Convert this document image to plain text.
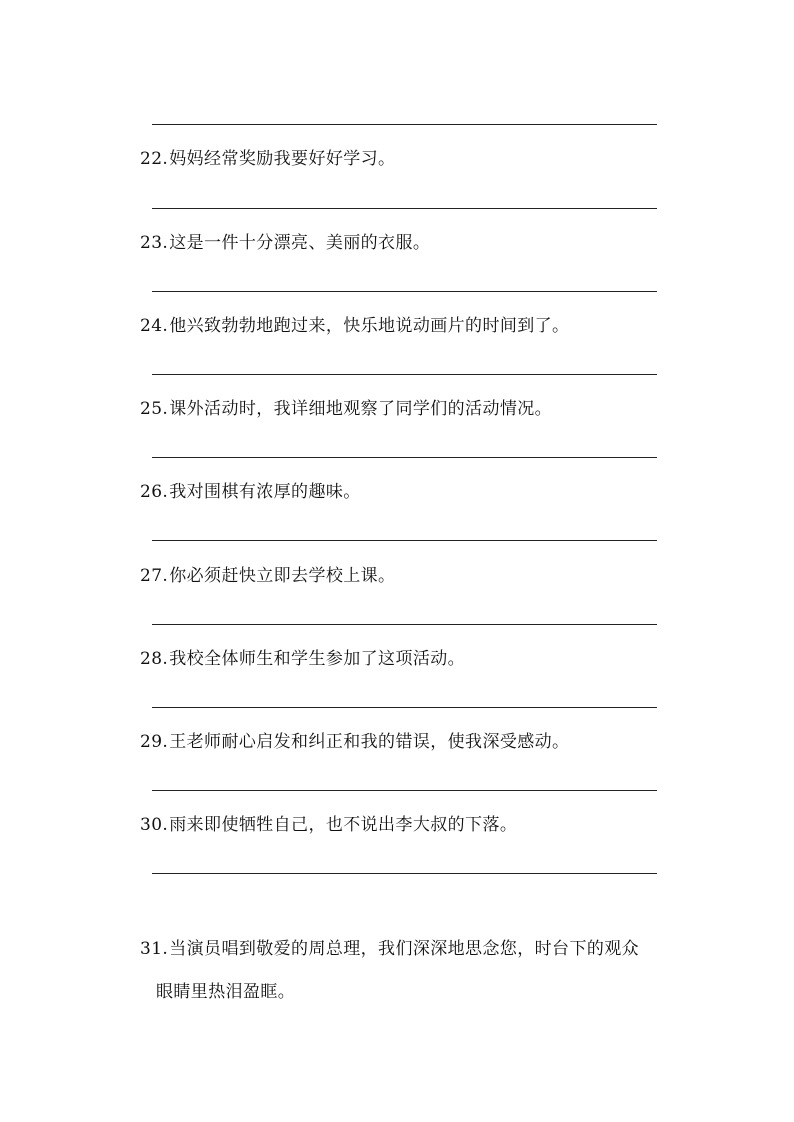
22.妈妈经常奖励我要好好学习。
23.这是一件十分漂亮、美丽的衣服。
24.他兴致勃勃地跑过来，快乐地说动画片的时间到了。
25.课外活动时，我详细地观察了同学们的活动情况。
26.我对围棋有浓厚的趣味。
27.你必须赶快立即去学校上课。
28.我校全体师生和学生参加了这项活动。
29.王老师耐心启发和纠正和我的错误，使我深受感动。
30.雨来即使牺牲自己，也不说出李大叔的下落。
31.当演员唱到敬爱的周总理，我们深深地思念您，时台下的观众
眼睛里热泪盈眶。
